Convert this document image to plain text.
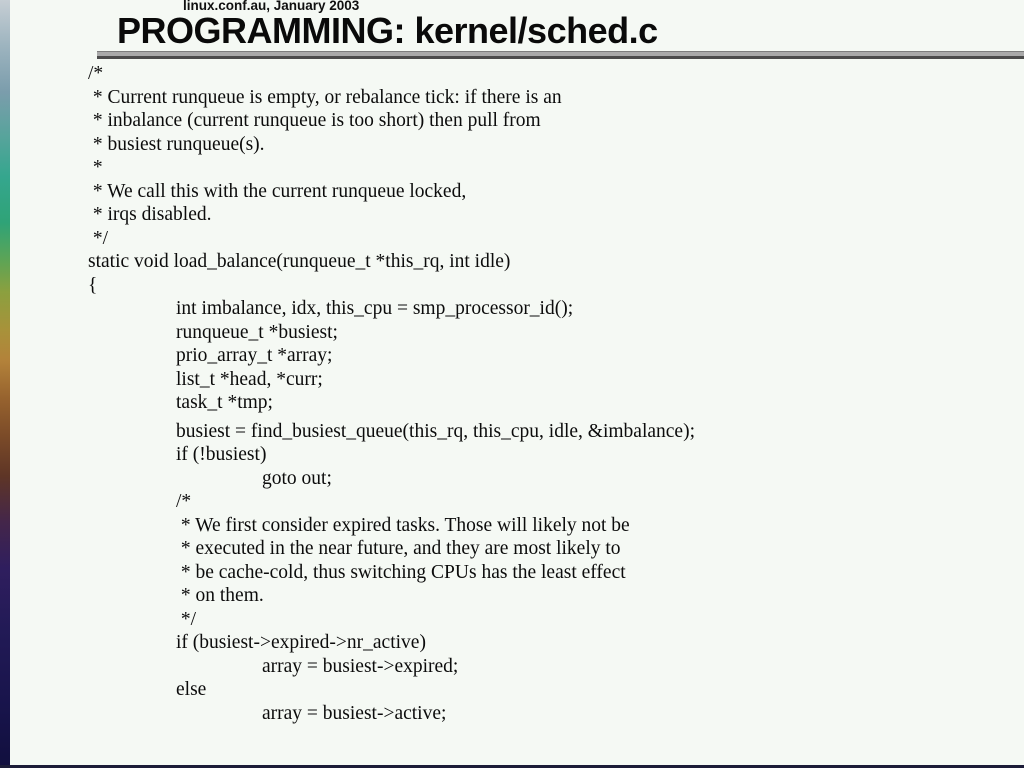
linux.conf.au, January 2003
PROGRAMMING: kernel/sched.c
/*
* Current runqueue is empty, or rebalance tick: if there is an
* inbalance (current runqueue is too short) then pull from
* busiest runqueue(s).
*
* We call this with the current runqueue locked,
* irqs disabled.
*/
static void load_balance(runqueue_t *this_rq, int idle)
{
int imbalance, idx, this_cpu = smp_processor_id();
runqueue_t *busiest;
prio_array_t *array;
list_t *head, *curr;
task_t *tmp;
busiest = find_busiest_queue(this_rq, this_cpu, idle, &imbalance);
if (!busiest)
goto out;
/*
* We first consider expired tasks. Those will likely not be
* executed in the near future, and they are most likely to
* be cache-cold, thus switching CPUs has the least effect
* on them.
*/
if (busiest->expired->nr_active)
array = busiest->expired;
else
array = busiest->active;
